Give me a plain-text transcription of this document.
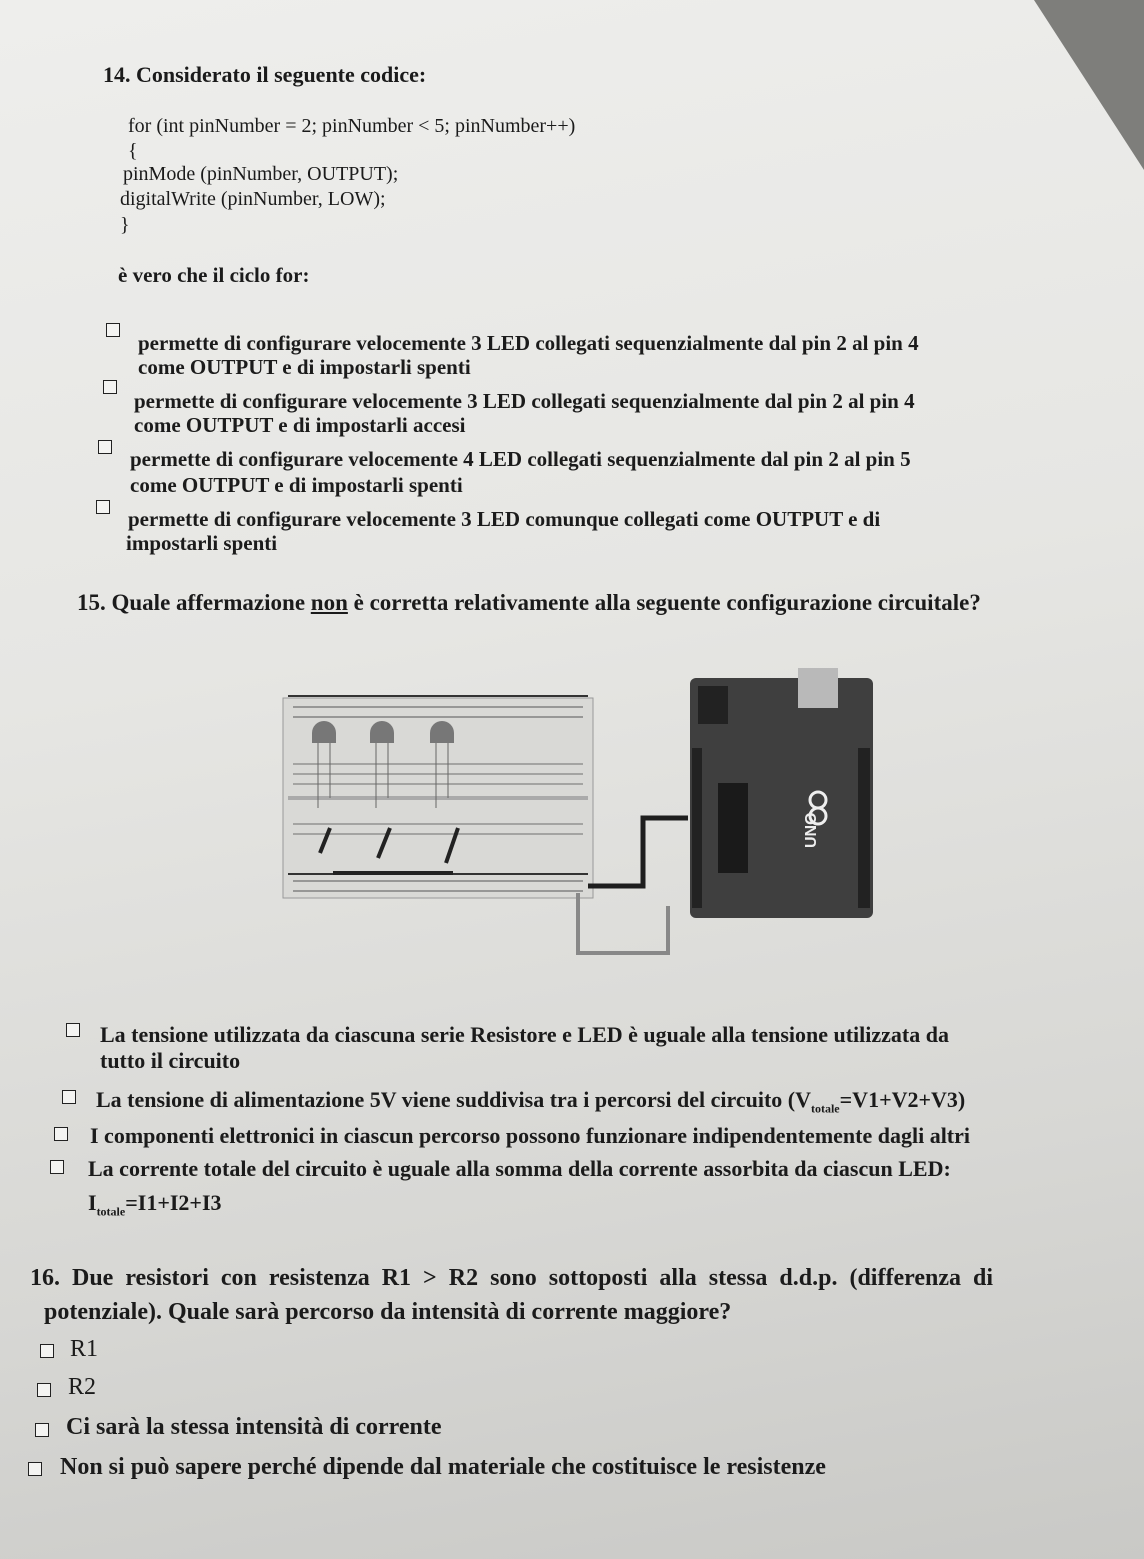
14. Considerato il seguente codice:
for (int pinNumber = 2; pinNumber < 5; pinNumber++)
{
pinMode (pinNumber, OUTPUT);
digitalWrite (pinNumber, LOW);
}
è vero che il ciclo for:
permette di configurare velocemente 3 LED collegati sequenzialmente dal pin 2 al pin 4
come OUTPUT e di impostarli spenti
permette di configurare velocemente 3 LED collegati sequenzialmente dal pin 2 al pin 4
come OUTPUT e di impostarli accesi
permette di configurare velocemente 4 LED collegati sequenzialmente dal pin 2 al pin 5
come OUTPUT e di impostarli spenti
permette di configurare velocemente 3 LED comunque collegati come OUTPUT e di
impostarli spenti
15. Quale affermazione non è corretta relativamente alla seguente configurazione circuitale?
UNO
La tensione utilizzata da ciascuna serie Resistore e LED è uguale alla tensione utilizzata da
tutto il circuito
La tensione di alimentazione 5V viene suddivisa tra i percorsi del circuito $(V_{totale}=V1+V2+V3)$
I componenti elettronici in ciascun percorso possono funzionare indipendentemente dagli altri
La corrente totale del circuito è uguale alla somma della corrente assorbita da ciascun LED:
$I_{totale}=I1+I2+I3$
16. Due resistori con resistenza R1 > R2 sono sottoposti alla stessa d.d.p. (differenza di
potenziale). Quale sarà percorso da intensità di corrente maggiore?
R1
R2
Ci sarà la stessa intensità di corrente
Non si può sapere perché dipende dal materiale che costituisce le resistenze
